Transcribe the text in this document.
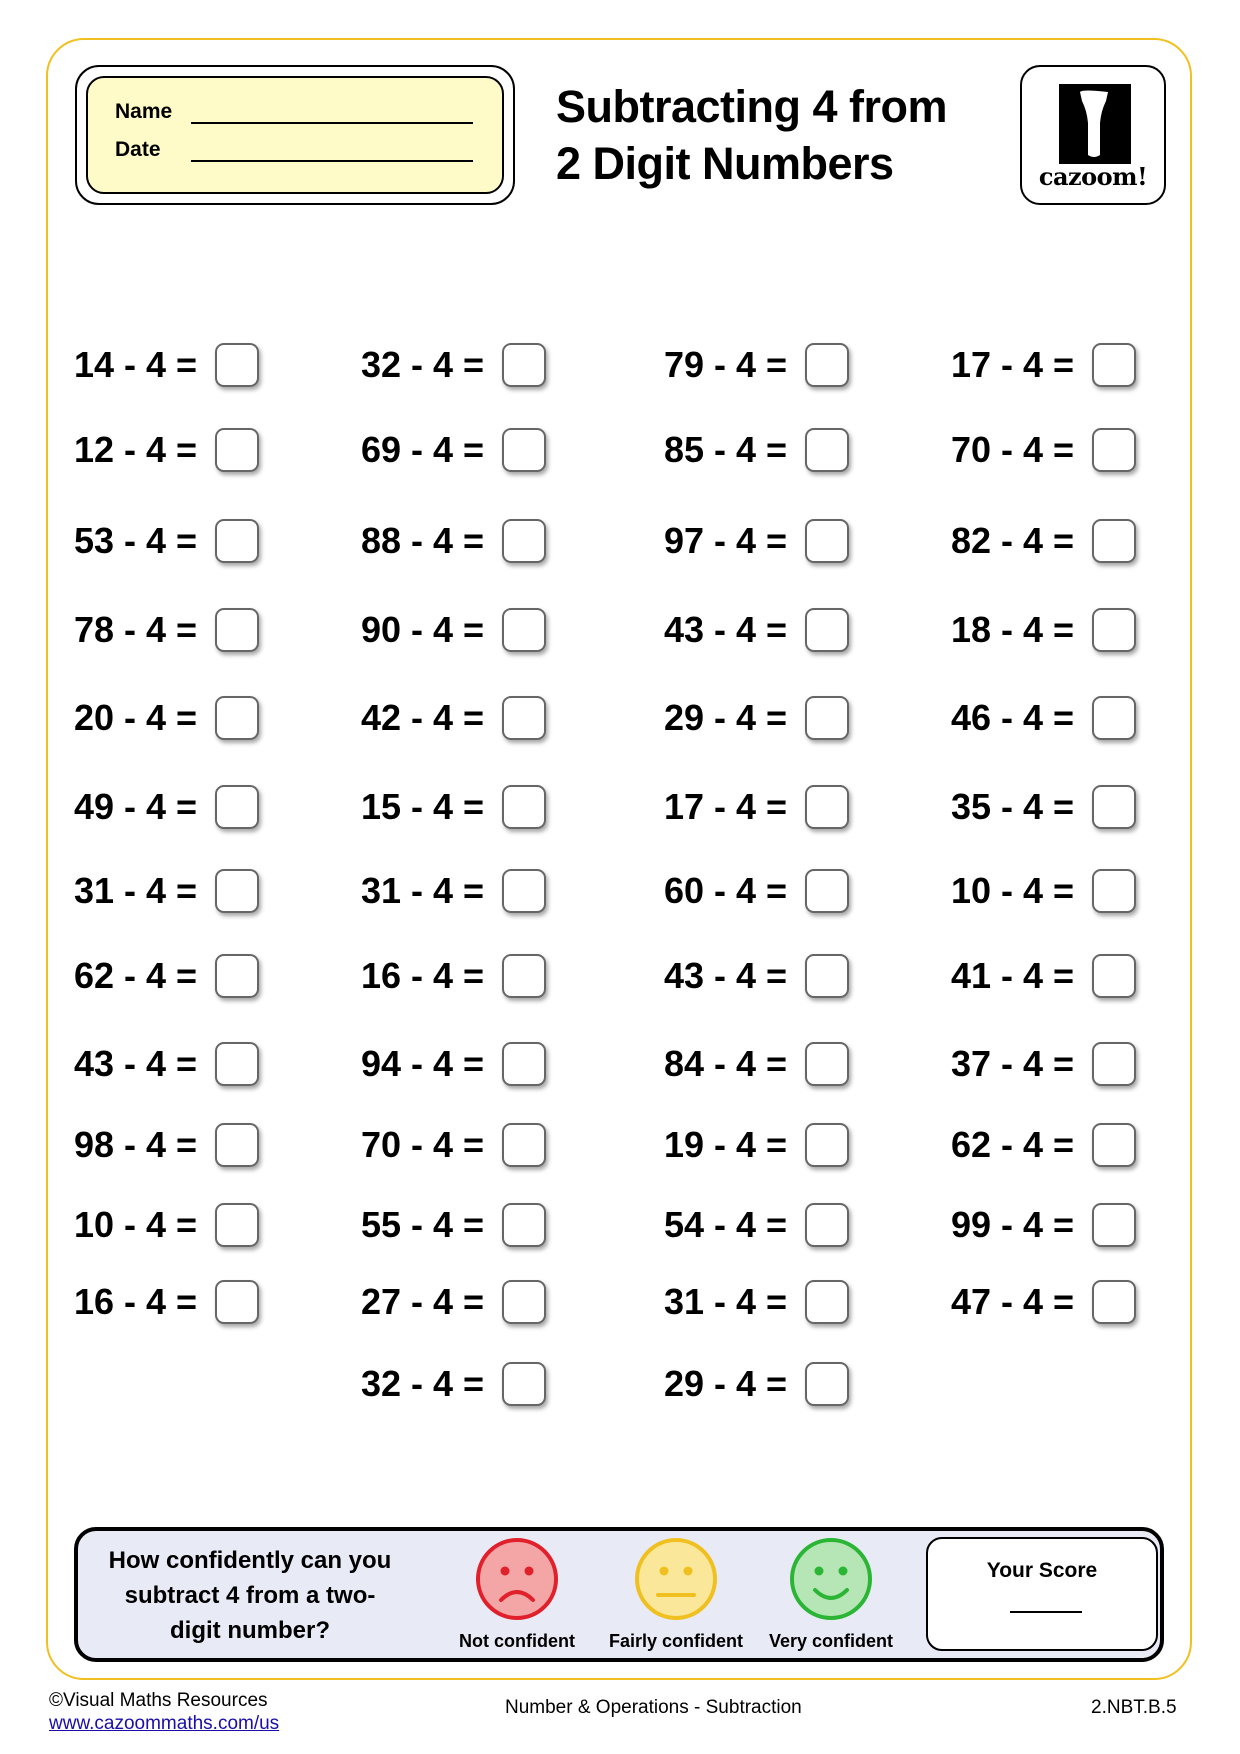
Name
Date
Subtracting 4 from
2 Digit Numbers	cazoom!
14 - 4 =
12 - 4 =
53 - 4 =
78 - 4 =
20 - 4 =
49 - 4 =
31 - 4 =
62 - 4 =
43 - 4 =
98 - 4 =
10 - 4 =
16 - 4 =
32 - 4 =
69 - 4 =
88 - 4 =
90 - 4 =
42 - 4 =
15 - 4 =
31 - 4 =
16 - 4 =
94 - 4 =
70 - 4 =
55 - 4 =
27 - 4 =
32 - 4 =
79 - 4 =
85 - 4 =
97 - 4 =
43 - 4 =
29 - 4 =
17 - 4 =
60 - 4 =
43 - 4 =
84 - 4 =
19 - 4 =
54 - 4 =
31 - 4 =
29 - 4 =
17 - 4 =
70 - 4 =
82 - 4 =
18 - 4 =
46 - 4 =
35 - 4 =
10 - 4 =
41 - 4 =
37 - 4 =
62 - 4 =
99 - 4 =
47 - 4 =
How confidently can you subtract 4 from a two-digit number?	Not confident Fairly confident	Very confident
Your Score
©Visual Maths Resources
www.cazoommaths.com/us
Number & Operations - Subtraction	2.NBT.B.5
